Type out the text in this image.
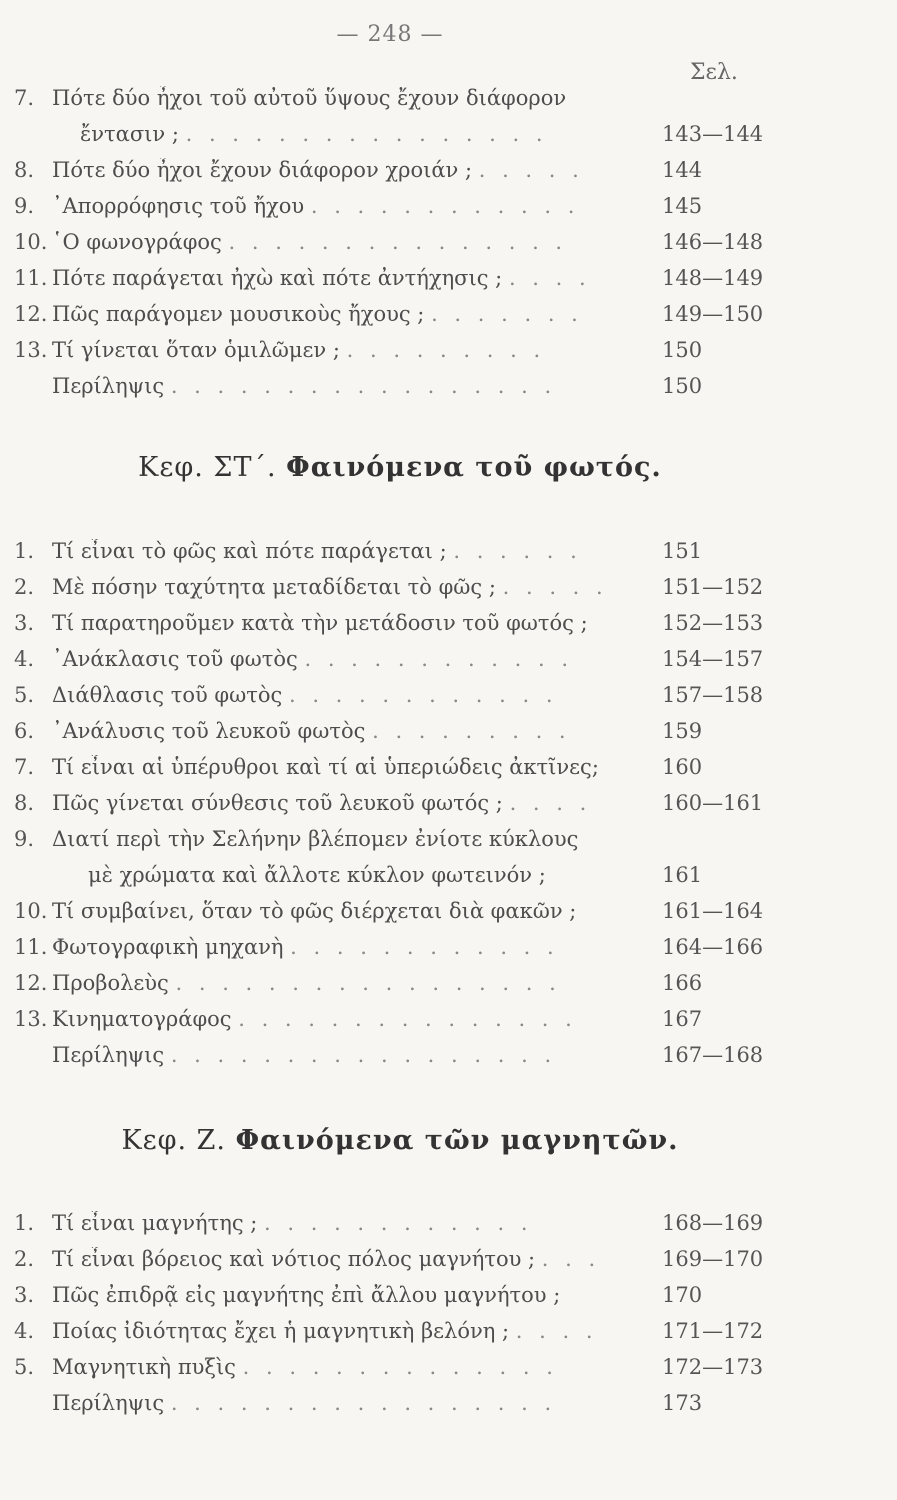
— 248 —
Σελ.
7. Πότε δύο ἦχοι τοῦ αὐτοῦ ὕψους ἔχουν διάφορον
ἔντασιν ; . . . . . . . . . . . . . . . .	143—144
8. Πότε δύο ἦχοι ἔχουν διάφορον χροιάν ; . . . . .	144
9. ᾿Απορρόφησις τοῦ ἤχου . . . . . . . . . . . .	145
10. ῾Ο φωνογράφος . . . . . . . . . . . . . . .	146—148
11. Πότε παράγεται ἠχὼ καὶ πότε ἀντήχησις ; . . . .	148—149
12. Πῶς παράγομεν μουσικοὺς ἤχους ; . . . . . . .	149—150
13. Τί γίνεται ὅταν ὁμιλῶμεν ; . . . . . . . . .	150
Περίληψις . . . . . . . . . . . . . . . . .	150
Κεφ. ΣΤ΄. Φαινόμενα τοῦ φωτός.
1. Τί εἶναι τὸ φῶς καὶ πότε παράγεται ; . . . . . .	151
2. Μὲ πόσην ταχύτητα μεταδίδεται τὸ φῶς ; . . . . .	151—152
3. Τί παρατηροῦμεν κατὰ τὴν μετάδοσιν τοῦ φωτός ;	152—153
4. ᾿Ανάκλασις τοῦ φωτὸς . . . . . . . . . . . .	154—157
5. Διάθλασις τοῦ φωτὸς . . . . . . . . . . . .	157—158
6. ᾿Ανάλυσις τοῦ λευκοῦ φωτὸς . . . . . . . . .	159
7. Τί εἶναι αἱ ὑπέρυθροι καὶ τί αἱ ὑπεριώδεις ἀκτῖνες;	160
8. Πῶς γίνεται σύνθεσις τοῦ λευκοῦ φωτός ; . . . .	160—161
9. Διατί περὶ τὴν Σελήνην βλέπομεν ἐνίοτε κύκλους
μὲ χρώματα καὶ ἄλλοτε κύκλον φωτεινόν ;	161
10. Τί συμβαίνει, ὅταν τὸ φῶς διέρχεται διὰ φακῶν ;	161—164
11. Φωτογραφικὴ μηχανὴ . . . . . . . . . . . .	164—166
12. Προβολεὺς . . . . . . . . . . . . . . . . .	166
13. Κινηματογράφος . . . . . . . . . . . . . . .	167
Περίληψις . . . . . . . . . . . . . . . . .	167—168
Κεφ. Ζ. Φαινόμενα τῶν μαγνητῶν.
1. Τί εἶναι μαγνήτης ; . . . . . . . . . . . .	168—169
2. Τί εἶναι βόρειος καὶ νότιος πόλος μαγνήτου ; . . .	169—170
3. Πῶς ἐπιδρᾷ εἰς μαγνήτης ἐπὶ ἄλλου μαγνήτου ;	170
4. Ποίας ἰδιότητας ἔχει ἡ μαγνητικὴ βελόνη ; . . . .	171—172
5. Μαγνητικὴ πυξὶς . . . . . . . . . . . . . .	172—173
Περίληψις . . . . . . . . . . . . . . . . .	173
